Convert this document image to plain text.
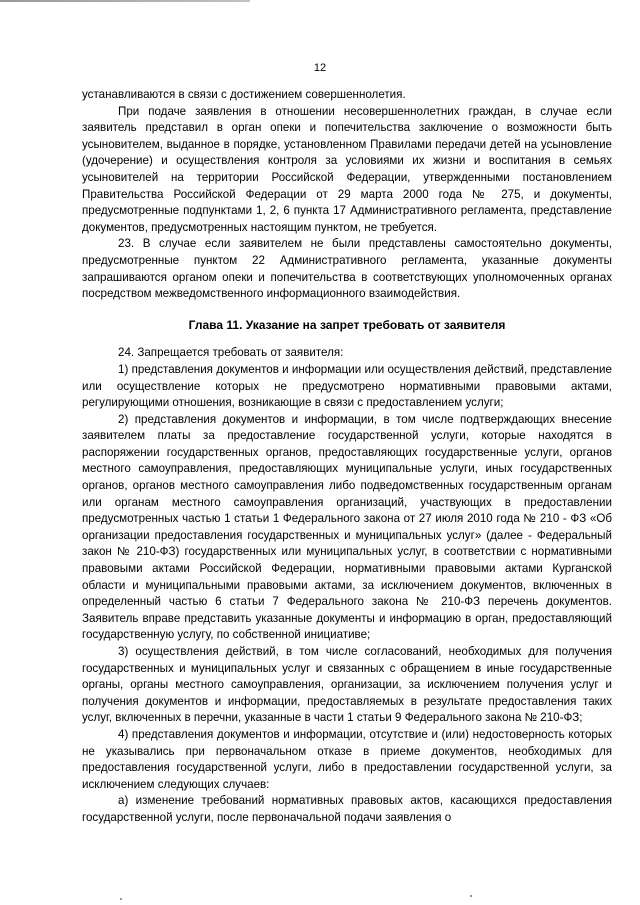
12

устанавливаются в связи с достижением совершеннолетия.

При подаче заявления в отношении несовершеннолетних граждан, в случае если заявитель представил в орган опеки и попечительства заключение о возможности быть усыновителем, выданное в порядке, установленном Правилами передачи детей на усыновление (удочерение) и осуществления контроля за условиями их жизни и воспитания в семьях усыновителей на территории Российской Федерации, утвержденными постановлением Правительства Российской Федерации от 29 марта 2000 года № 275, и документы, предусмотренные подпунктами 1, 2, 6 пункта 17 Административного регламента, представление документов, предусмотренных настоящим пунктом, не требуется.

23. В случае если заявителем не были представлены самостоятельно документы, предусмотренные пунктом 22 Административного регламента, указанные документы запрашиваются органом опеки и попечительства в соответствующих уполномоченных органах посредством межведомственного информационного взаимодействия.

Глава 11. Указание на запрет требовать от заявителя

24. Запрещается требовать от заявителя:

1) представления документов и информации или осуществления действий, представление или осуществление которых не предусмотрено нормативными правовыми актами, регулирующими отношения, возникающие в связи с предоставлением услуги;

2) представления документов и информации, в том числе подтверждающих внесение заявителем платы за предоставление государственной услуги, которые находятся в распоряжении государственных органов, предоставляющих государственные услуги, органов местного самоуправления, предоставляющих муниципальные услуги, иных государственных органов, органов местного самоуправления либо подведомственных государственным органам или органам местного самоуправления организаций, участвующих в предоставлении предусмотренных частью 1 статьи 1 Федерального закона от 27 июля 2010 года № 210 - ФЗ «Об организации предоставления государственных и муниципальных услуг» (далее - Федеральный закон № 210-ФЗ) государственных или муниципальных услуг, в соответствии с нормативными правовыми актами Российской Федерации, нормативными правовыми актами Курганской области и муниципальными правовыми актами, за исключением документов, включенных в определенный частью 6 статьи 7 Федерального закона № 210-ФЗ перечень документов. Заявитель вправе представить указанные документы и информацию в орган, предоставляющий государственную услугу, по собственной инициативе;

3) осуществления действий, в том числе согласований, необходимых для получения государственных и муниципальных услуг и связанных с обращением в иные государственные органы, органы местного самоуправления, организации, за исключением получения услуг и получения документов и информации, предоставляемых в результате предоставления таких услуг, включенных в перечни, указанные в части 1 статьи 9 Федерального закона № 210-ФЗ;

4) представления документов и информации, отсутствие и (или) недостоверность которых не указывались при первоначальном отказе в приеме документов, необходимых для предоставления государственной услуги, либо в предоставлении государственной услуги, за исключением следующих случаев:

а) изменение требований нормативных правовых актов, касающихся предоставления государственной услуги, после первоначальной подачи заявления о
